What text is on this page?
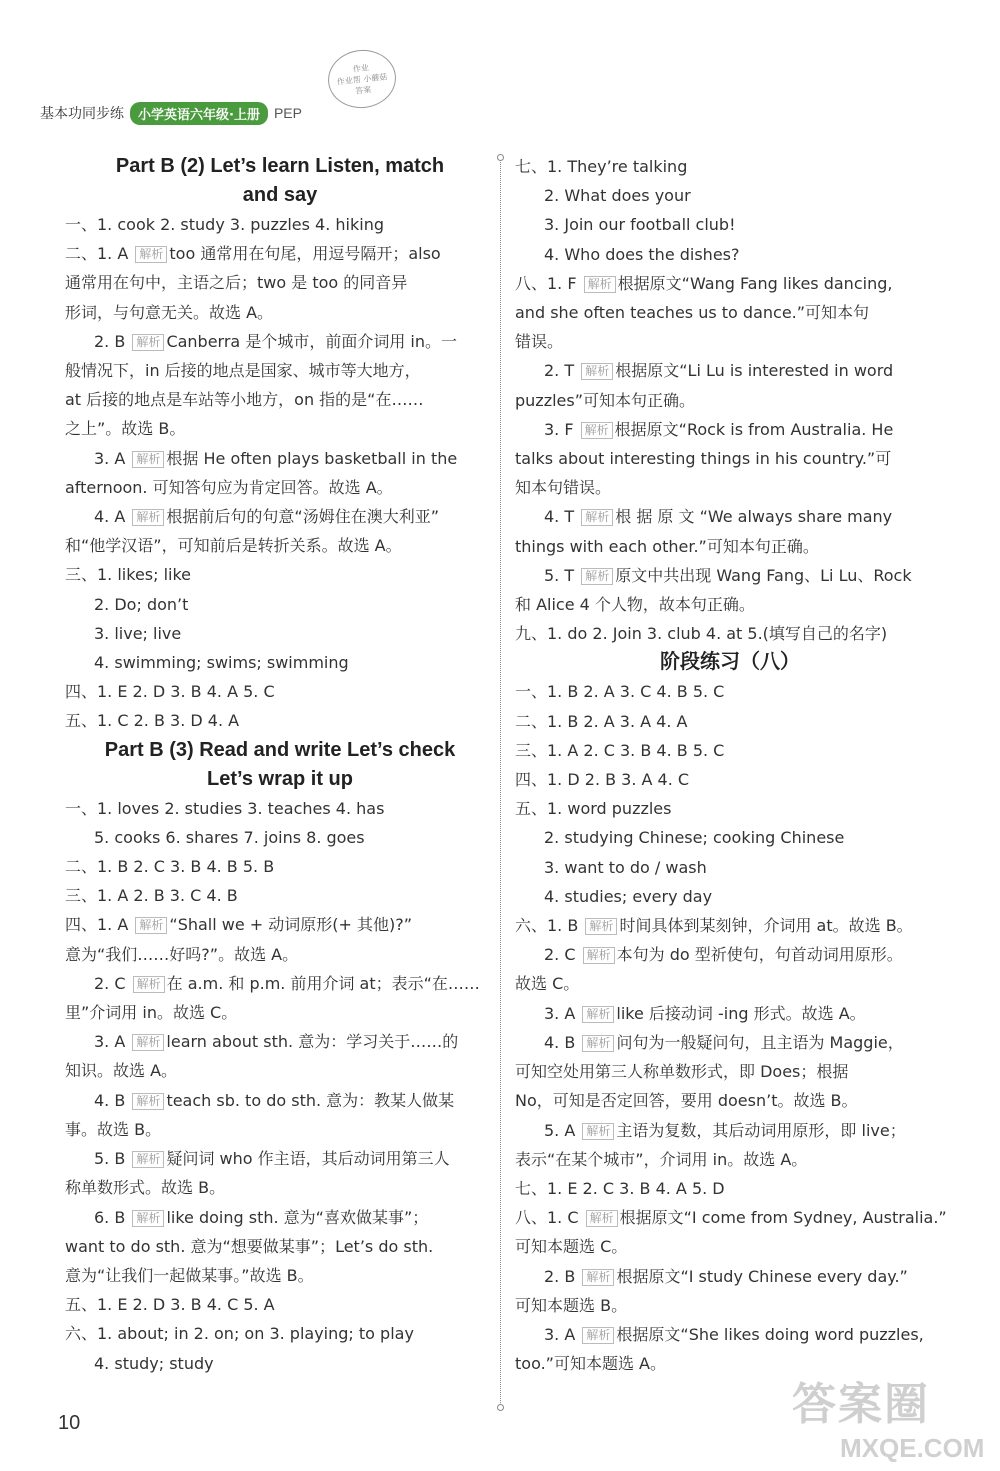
基本功同步练	小学英语六年级·上册	PEP
作业
作业帮 小蘑菇
答案
Part B (2) Let’s learn Listen, match
and say
一、1. cook 2. study 3. puzzles 4. hiking
二、1. A 解析 too 通常用在句尾，用逗号隔开；also
通常用在句中，主语之后；two 是 too 的同音异
形词，与句意无关。故选 A。
2. B 解析 Canberra 是个城市，前面介词用 in。一
般情况下，in 后接的地点是国家、城市等大地方，
at 后接的地点是车站等小地方，on 指的是“在……
之上”。故选 B。
3. A 解析 根据 He often plays basketball in the
afternoon. 可知答句应为肯定回答。故选 A。
4. A 解析 根据前后句的句意“汤姆住在澳大利亚”
和“他学汉语”，可知前后是转折关系。故选 A。
三、1. likes; like
2. Do; don’t
3. live; live
4. swimming; swims; swimming
四、1. E 2. D 3. B 4. A 5. C
五、1. C 2. B 3. D 4. A
Part B (3) Read and write Let’s check
Let’s wrap it up
一、1. loves 2. studies 3. teaches 4. has
5. cooks 6. shares 7. joins 8. goes
二、1. B 2. C 3. B 4. B 5. B
三、1. A 2. B 3. C 4. B
四、1. A 解析 “Shall we + 动词原形(+ 其他)?”
意为“我们……好吗?”。故选 A。
2. C 解析 在 a.m. 和 p.m. 前用介词 at；表示“在……
里”介词用 in。故选 C。
3. A 解析 learn about sth. 意为：学习关于……的
知识。故选 A。
4. B 解析 teach sb. to do sth. 意为：教某人做某
事。故选 B。
5. B 解析 疑问词 who 作主语，其后动词用第三人
称单数形式。故选 B。
6. B 解析 like doing sth. 意为“喜欢做某事”；
want to do sth. 意为“想要做某事”；Let’s do sth.
意为“让我们一起做某事。”故选 B。
五、1. E 2. D 3. B 4. C 5. A
六、1. about; in 2. on; on 3. playing; to play
4. study; study
七、1. They’re talking
2. What does your
3. Join our football club!
4. Who does the dishes?
八、1. F 解析 根据原文“Wang Fang likes dancing,
and she often teaches us to dance.”可知本句
错误。
2. T 解析 根据原文“Li Lu is interested in word
puzzles”可知本句正确。
3. F 解析 根据原文“Rock is from Australia. He
talks about interesting things in his country.”可
知本句错误。
4. T 解析 根 据 原 文 “We always share many
things with each other.”可知本句正确。
5. T 解析 原文中共出现 Wang Fang、Li Lu、Rock
和 Alice 4 个人物，故本句正确。
九、1. do 2. Join 3. club 4. at 5.(填写自己的名字)
阶段练习（八）
一、1. B 2. A 3. C 4. B 5. C
二、1. B 2. A 3. A 4. A
三、1. A 2. C 3. B 4. B 5. C
四、1. D 2. B 3. A 4. C
五、1. word puzzles
2. studying Chinese; cooking Chinese
3. want to do / wash
4. studies; every day
六、1. B 解析 时间具体到某刻钟，介词用 at。故选 B。
2. C 解析 本句为 do 型祈使句，句首动词用原形。
故选 C。
3. A 解析 like 后接动词 -ing 形式。故选 A。
4. B 解析 问句为一般疑问句，且主语为 Maggie，
可知空处用第三人称单数形式，即 Does；根据
No，可知是否定回答，要用 doesn’t。故选 B。
5. A 解析 主语为复数，其后动词用原形，即 live；
表示“在某个城市”，介词用 in。故选 A。
七、1. E 2. C 3. B 4. A 5. D
八、1. C 解析 根据原文“I come from Sydney, Australia.”
可知本题选 C。
2. B 解析 根据原文“I study Chinese every day.”
可知本题选 B。
3. A 解析 根据原文“She likes doing word puzzles,
too.”可知本题选 A。
10	答案圈
MXQE.COM
